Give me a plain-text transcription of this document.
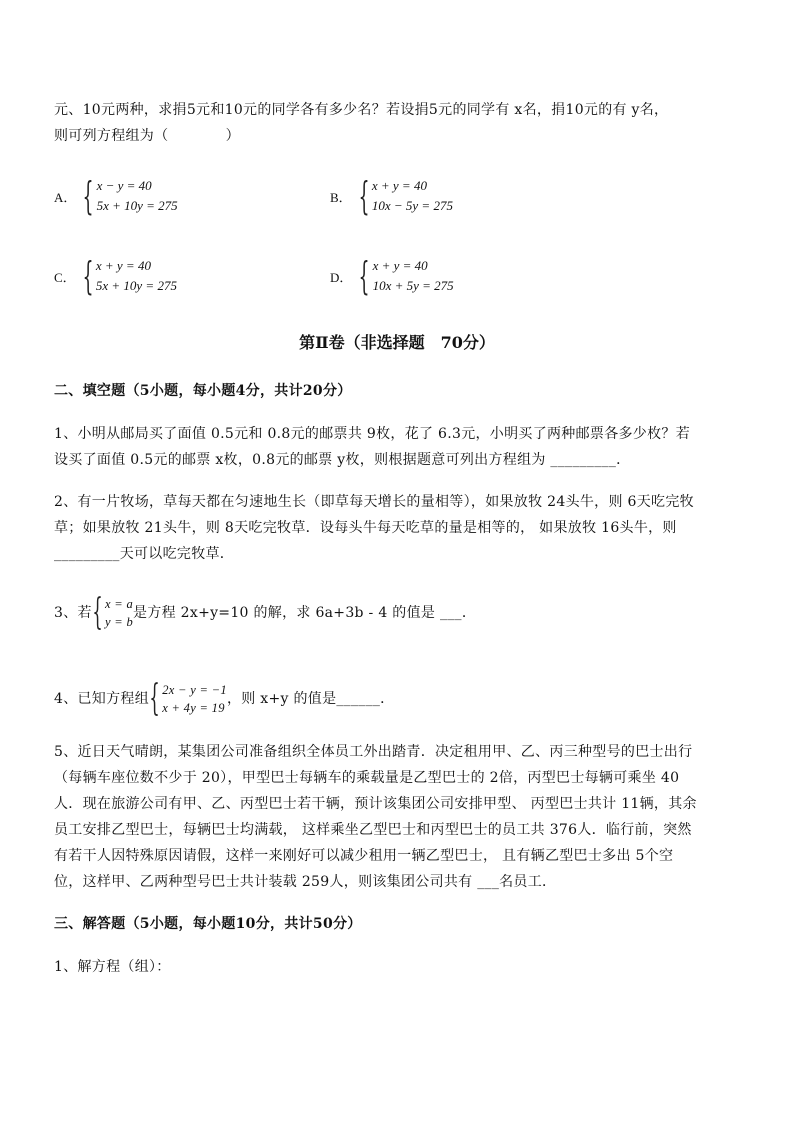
元、10元两种，求捐5元和10元的同学各有多少名？若设捐5元的同学有 x名，捐10元的有 y名，
则可列方程组为（　　　　）
A． { x − y = 40
5x + 10y = 275
B． { x + y = 40
10x − 5y = 275
C． { x + y = 40
5x + 10y = 275
D． { x + y = 40
10x + 5y = 275
第Ⅱ卷（非选择题　70分）
二、填空题（5小题，每小题4分，共计20分）
1、小明从邮局买了面值 0.5元和 0.8元的邮票共 9枚，花了 6.3元，小明买了两种邮票各多少枚？若
设买了面值 0.5元的邮票 x枚，0.8元的邮票 y枚，则根据题意可列出方程组为 _________．
2、有一片牧场，草每天都在匀速地生长（即草每天增长的量相等），如果放牧 24头牛，则 6天吃完牧
草；如果放牧 21头牛，则 8天吃完牧草．设每头牛每天吃草的量是相等的， 如果放牧 16头牛，则
_________天可以吃完牧草．
3、若 { x = a
y = b
是方程 2x+y=10 的解，求 6a+3b - 4 的值是 ___．
4、已知方程组 { 2x − y = −1
x + 4y = 19
，则 x+y 的值是______．
5、近日天气晴朗，某集团公司准备组织全体员工外出踏青．决定租用甲、乙、丙三种型号的巴士出行
（每辆车座位数不少于 20），甲型巴士每辆车的乘载量是乙型巴士的 2倍，丙型巴士每辆可乘坐 40
人．现在旅游公司有甲、乙、丙型巴士若干辆，预计该集团公司安排甲型、 丙型巴士共计 11辆，其余
员工安排乙型巴士，每辆巴士均满载， 这样乘坐乙型巴士和丙型巴士的员工共 376人．临行前，突然
有若干人因特殊原因请假，这样一来刚好可以减少租用一辆乙型巴士， 且有辆乙型巴士多出 5个空
位，这样甲、乙两种型号巴士共计装载 259人，则该集团公司共有 ___名员工．
三、解答题（5小题，每小题10分，共计50分）
1、解方程（组）：
